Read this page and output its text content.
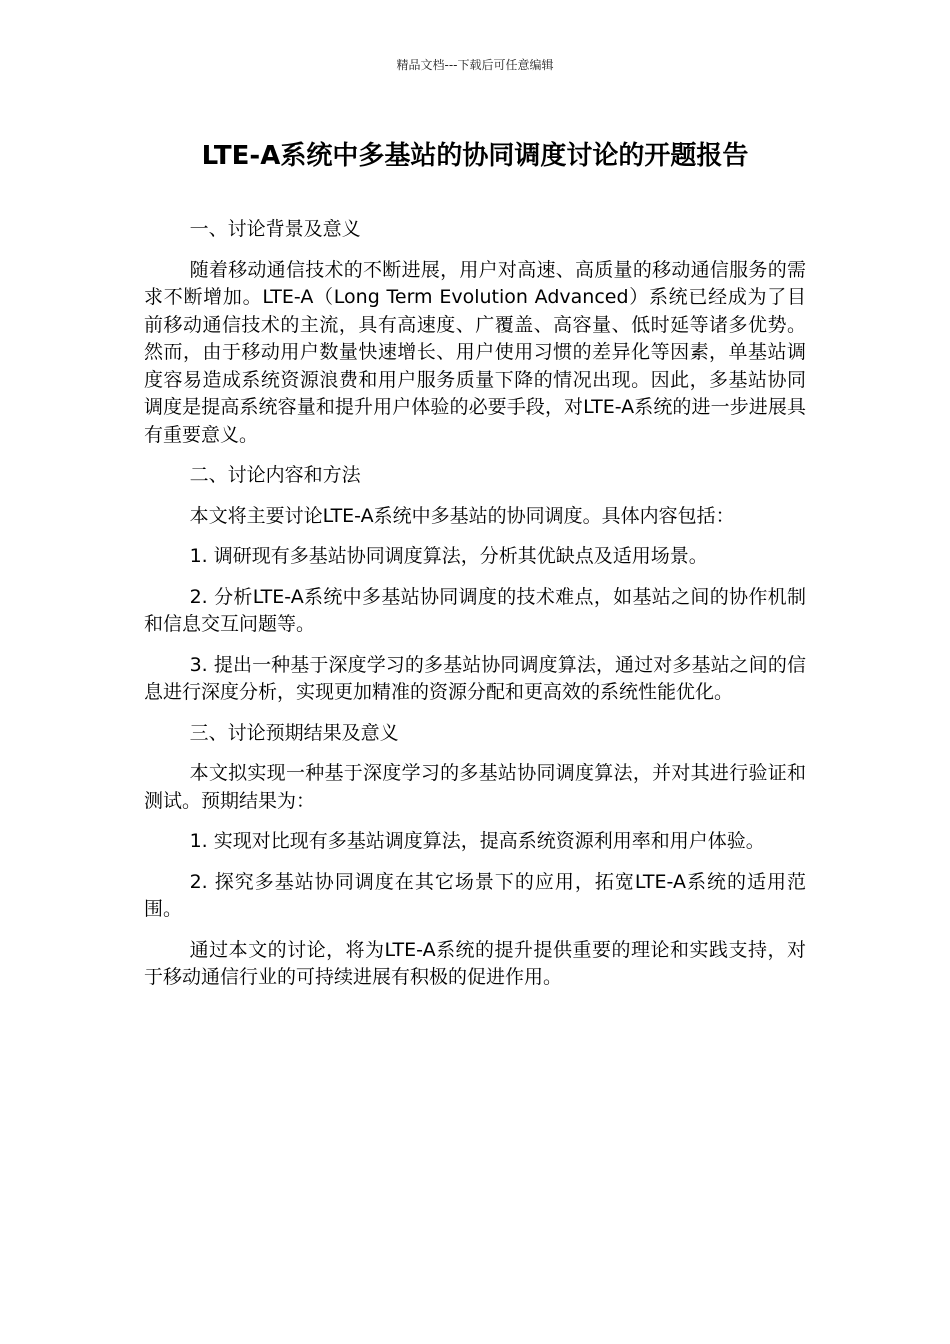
精品文档---下载后可任意编辑
LTE-A系统中多基站的协同调度讨论的开题报告

一、讨论背景及意义

随着移动通信技术的不断进展，用户对高速、高质量的移动通信服务的需求不断增加。LTE-A（Long Term Evolution Advanced）系统已经成为了目前移动通信技术的主流，具有高速度、广覆盖、高容量、低时延等诸多优势。然而，由于移动用户数量快速增长、用户使用习惯的差异化等因素，单基站调度容易造成系统资源浪费和用户服务质量下降的情况出现。因此，多基站协同调度是提高系统容量和提升用户体验的必要手段，对LTE-A系统的进一步进展具有重要意义。

二、讨论内容和方法

本文将主要讨论LTE-A系统中多基站的协同调度。具体内容包括：

1. 调研现有多基站协同调度算法，分析其优缺点及适用场景。

2. 分析LTE-A系统中多基站协同调度的技术难点，如基站之间的协作机制和信息交互问题等。

3. 提出一种基于深度学习的多基站协同调度算法，通过对多基站之间的信息进行深度分析，实现更加精准的资源分配和更高效的系统性能优化。

三、讨论预期结果及意义

本文拟实现一种基于深度学习的多基站协同调度算法，并对其进行验证和测试。预期结果为：

1. 实现对比现有多基站调度算法，提高系统资源利用率和用户体验。

2. 探究多基站协同调度在其它场景下的应用，拓宽LTE-A系统的适用范围。

通过本文的讨论，将为LTE-A系统的提升提供重要的理论和实践支持，对于移动通信行业的可持续进展有积极的促进作用。
